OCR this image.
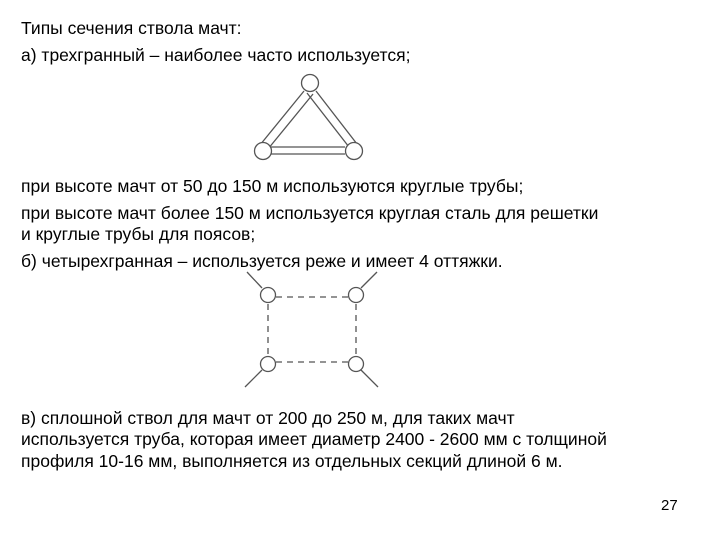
Типы сечения ствола мачт:
а) трехгранный – наиболее часто используется;
при высоте мачт от 50 до 150 м используются круглые трубы;
при высоте мачт более 150 м используется круглая сталь для решетки
и круглые трубы для поясов;
б) четырехгранная – используется реже и имеет 4 оттяжки.
в) сплошной ствол для мачт от 200 до 250 м, для таких мачт
используется труба, которая имеет диаметр 2400 - 2600 мм с толщиной
профиля 10-16 мм, выполняется из отдельных секций длиной 6 м.
27
